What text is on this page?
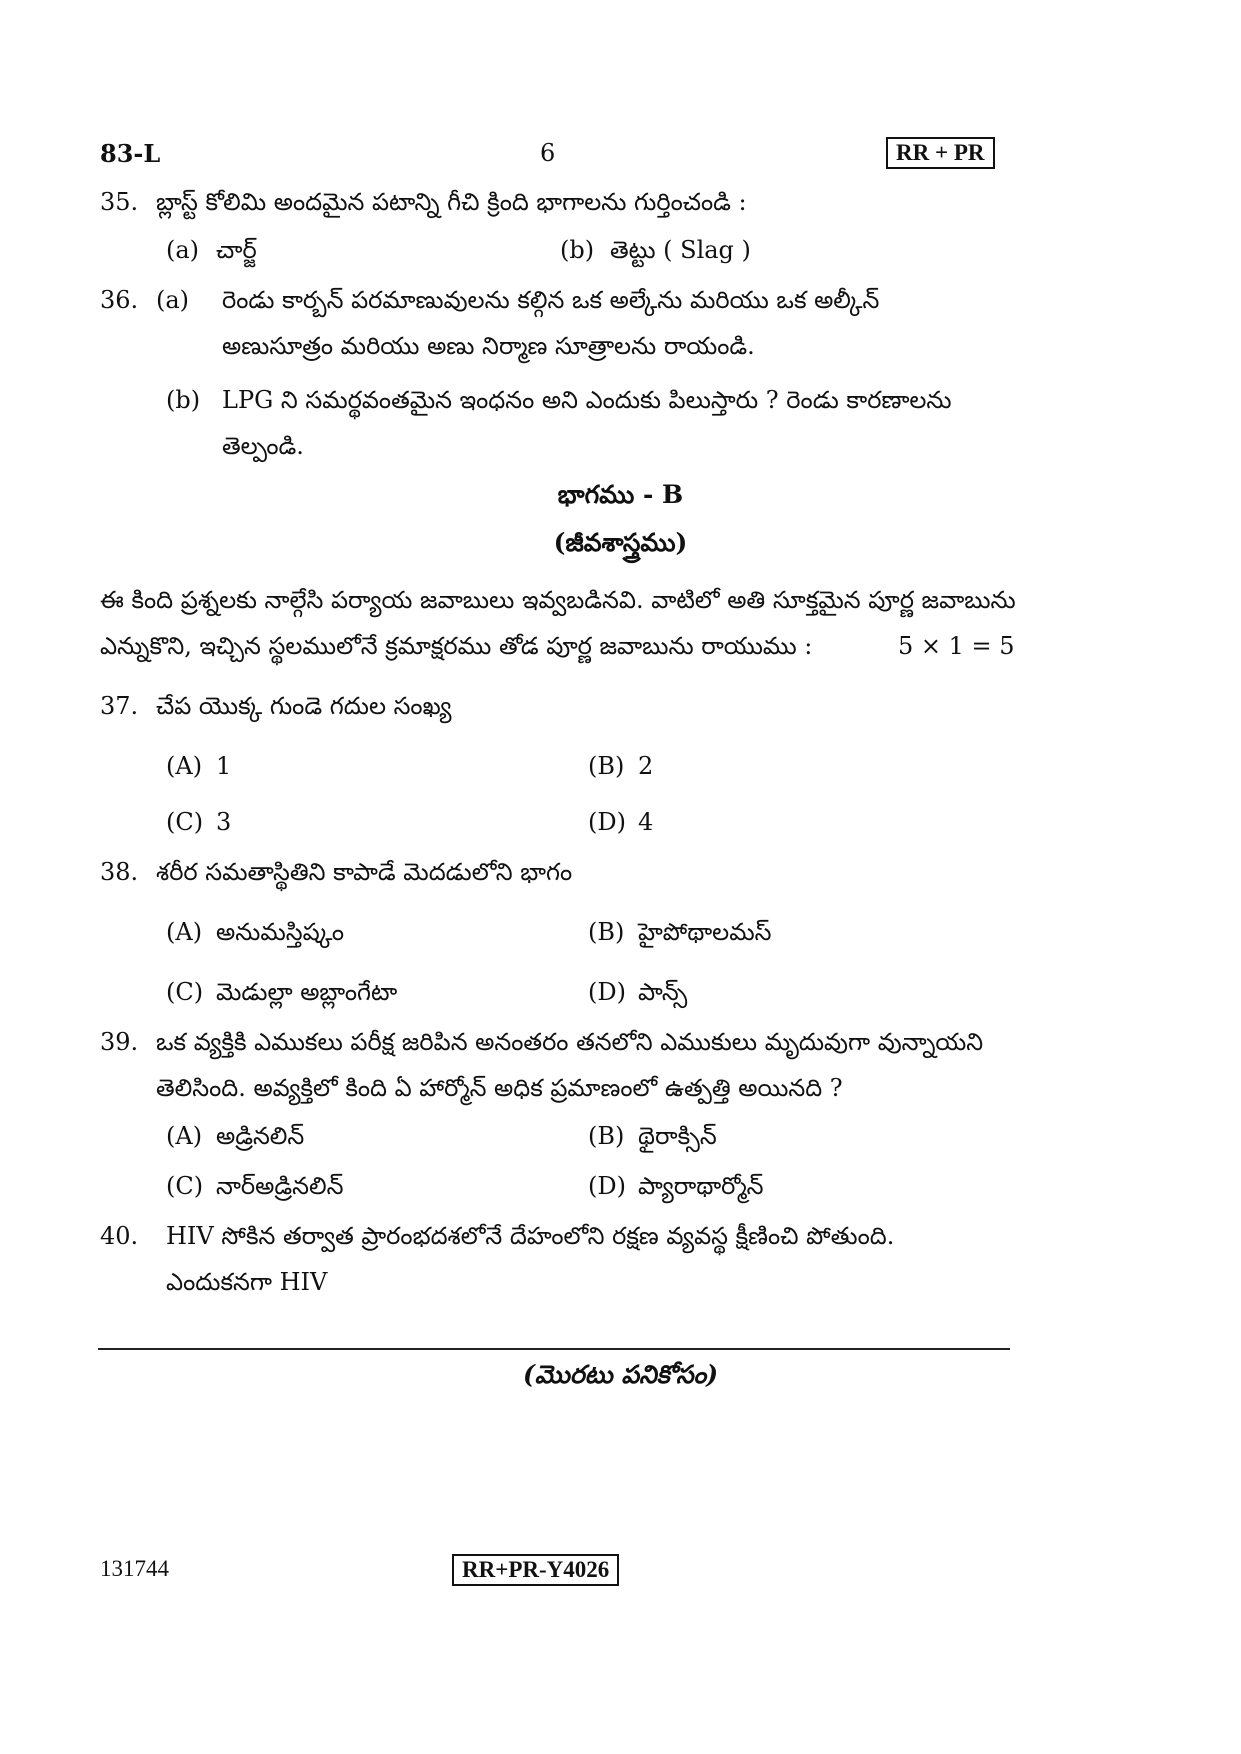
83-L	6	RR + PR
35. బ్లాస్ట్ కోలిమి అందమైన పటాన్ని గీచి క్రింది భాగాలను గుర్తించండి :
(a) చార్జ్	(b) తెట్టు ( Slag )
36. (a)	రెండు కార్బన్ పరమాణువులను కల్గిన ఒక అల్కేను మరియు ఒక అల్కీన్
అణుసూత్రం మరియు అణు నిర్మాణ సూత్రాలను రాయండి.
(b) LPG ని సమర్థవంతమైన ఇంధనం అని ఎందుకు పిలుస్తారు ? రెండు కారణాలను
తెల్పండి.
భాగము - B
(జీవశాస్త్రము)
ఈ కింది ప్రశ్నలకు నాల్గేసి పర్యాయ జవాబులు ఇవ్వబడినవి. వాటిలో అతి సూక్తమైన పూర్ణ జవాబును
ఎన్నుకొని, ఇచ్చిన స్థలములోనే క్రమాక్షరము తోడ పూర్ణ జవాబును రాయుము :	5 × 1 = 5
37. చేప యొక్క గుండె గదుల సంఖ్య
(A) 1	(B) 2
(C) 3	(D) 4
38. శరీర సమతాస్థితిని కాపాడే మెదడులోని భాగం
(A) అనుమస్తిష్కం	(B) హైపోథాలమస్
(C) మెడుల్లా అబ్లాంగేటా	(D) పాన్స్
39. ఒక వ్యక్తికి ఎముకలు పరీక్ష జరిపిన అనంతరం తనలోని ఎముకులు మృదువుగా వున్నాయని
తెలిసింది. అవ్యక్తిలో కింది ఏ హార్మోన్ అధిక ప్రమాణంలో ఉత్పత్తి అయినది ?
(A) అడ్రినలిన్	(B) థైరాక్సిన్
(C) నార్అడ్రినలిన్	(D) ప్యారాథార్మోన్
40. HIV సోకిన తర్వాత ప్రారంభదశలోనే దేహంలోని రక్షణ వ్యవస్థ క్షీణించి పోతుంది.
ఎందుకనగా HIV
(మొరటు పనికోసం)
131744	RR+PR-Y4026
